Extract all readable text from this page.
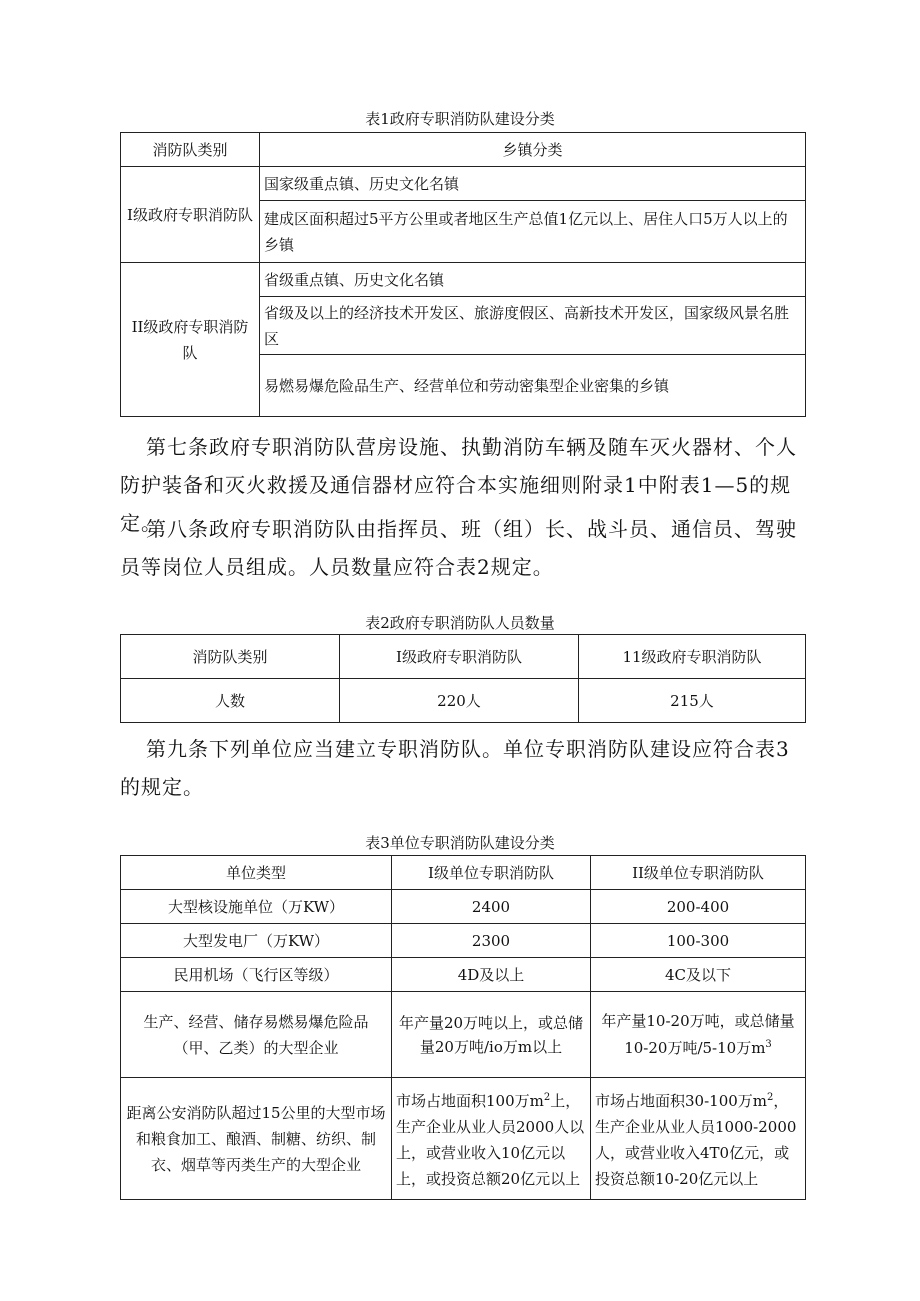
表1政府专职消防队建设分类
消防队类别	乡镇分类
I级政府专职消防队	国家级重点镇、历史文化名镇
	建成区面积超过5平方公里或者地区生产总值1亿元以上、居住人口5万人以上的乡镇
II级政府专职消防队	省级重点镇、历史文化名镇
	省级及以上的经济技术开发区、旅游度假区、高新技术开发区，国家级风景名胜区
	易燃易爆危险品生产、经营单位和劳动密集型企业密集的乡镇
第七条政府专职消防队营房设施、执勤消防车辆及随车灭火器材、个人防护装备和灭火救援及通信器材应符合本实施细则附录1中附表1—5的规定。
第八条政府专职消防队由指挥员、班（组）长、战斗员、通信员、驾驶员等岗位人员组成。人员数量应符合表2规定。
表2政府专职消防队人员数量
消防队类别	I级政府专职消防队	11级政府专职消防队
人数	220人	215人
第九条下列单位应当建立专职消防队。单位专职消防队建设应符合表3的规定。
表3单位专职消防队建设分类
单位类型	I级单位专职消防队	II级单位专职消防队
大型核设施单位（万KW）	2400	200-400
大型发电厂（万KW）	2300	100-300
民用机场（飞行区等级）	4D及以上	4C及以下
生产、经营、储存易燃易爆危险品（甲、乙类）的大型企业	年产量20万吨以上，或总储量20万吨/io万m以上	年产量10-20万吨，或总储量10-20万吨/5-10万$m^3$
距离公安消防队超过15公里的大型市场和粮食加工、酿酒、制糖、纺织、制衣、烟草等丙类生产的大型企业	市场占地面积100万$m^2$上，生产企业从业人员2000人以上，或营业收入10亿元以上，或投资总额20亿元以上	市场占地面积30-100万$m^2$，生产企业从业人员1000-2000人，或营业收入4T0亿元，或投资总额10-20亿元以上
